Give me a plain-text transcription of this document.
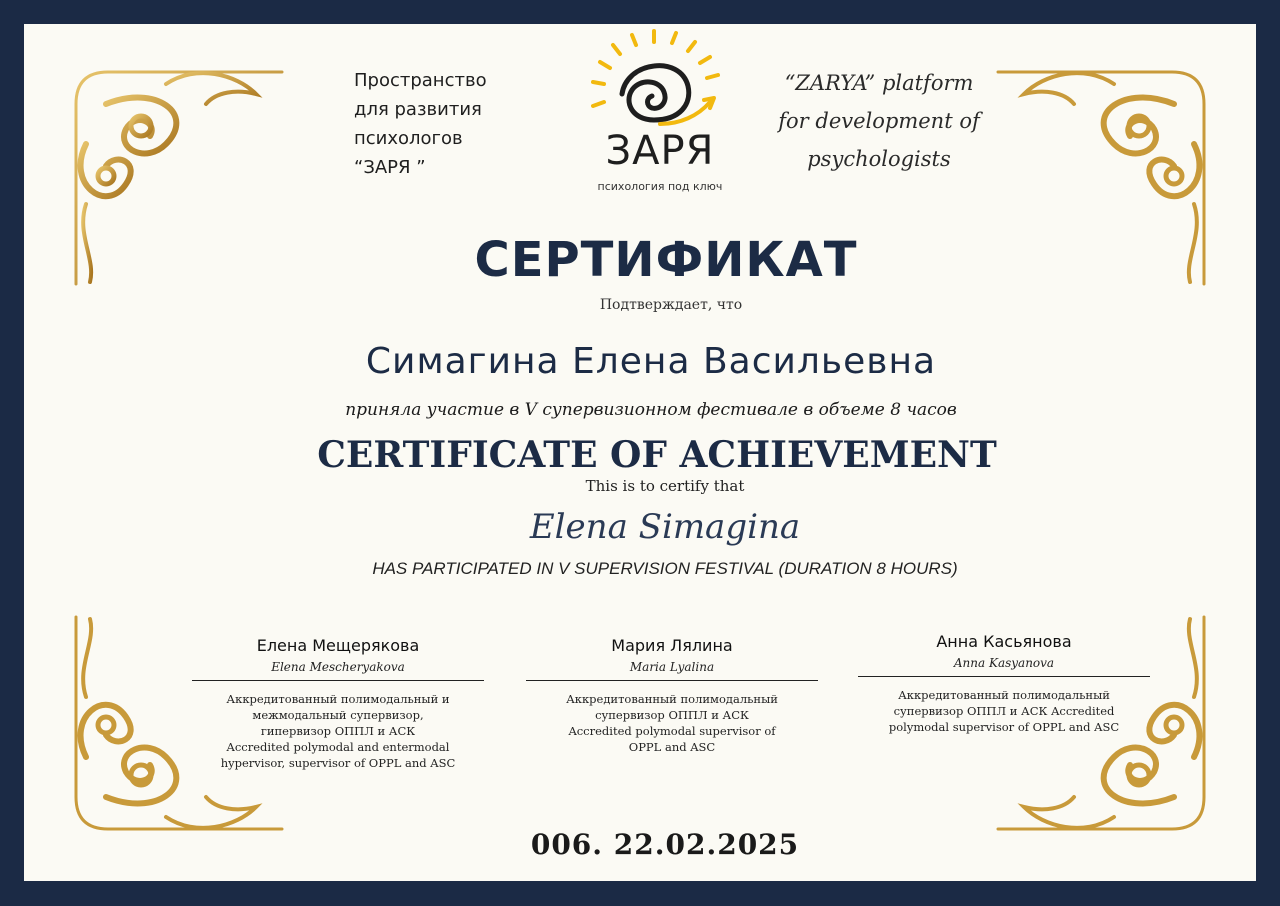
Пространство
для развития
психологов
“ЗАРЯ ”	ЗАРЯ
психология под ключ
“ZARYA” platform
for development of
psychologists
СЕРТИФИКАТ
Подтверждает, что
Симагина Елена Васильевна
приняла участие в V супервизионном фестивале в объеме 8 часов
CERTIFICATE OF ACHIEVEMENT
This is to certify that
Elena Simagina
HAS PARTICIPATED IN V SUPERVISION FESTIVAL (DURATION 8 HOURS)
Елена Мещерякова
Elena Mescheryakova
Аккредитованный полимодальный и межмодальный супервизор, гипервизор ОППЛ и АСК
Accredited polymodal and entermodal hypervisor, supervisor of OPPL and ASC
Мария Лялина
Maria Lyalina
Аккредитованный полимодальный супервизор ОППЛ и АСК
Accredited polymodal supervisor of OPPL and ASC
Анна Касьянова
Anna Kasyanova
Аккредитованный полимодальный супервизор ОППЛ и АСК Accredited polymodal supervisor of OPPL and ASC
006. 22.02.2025
